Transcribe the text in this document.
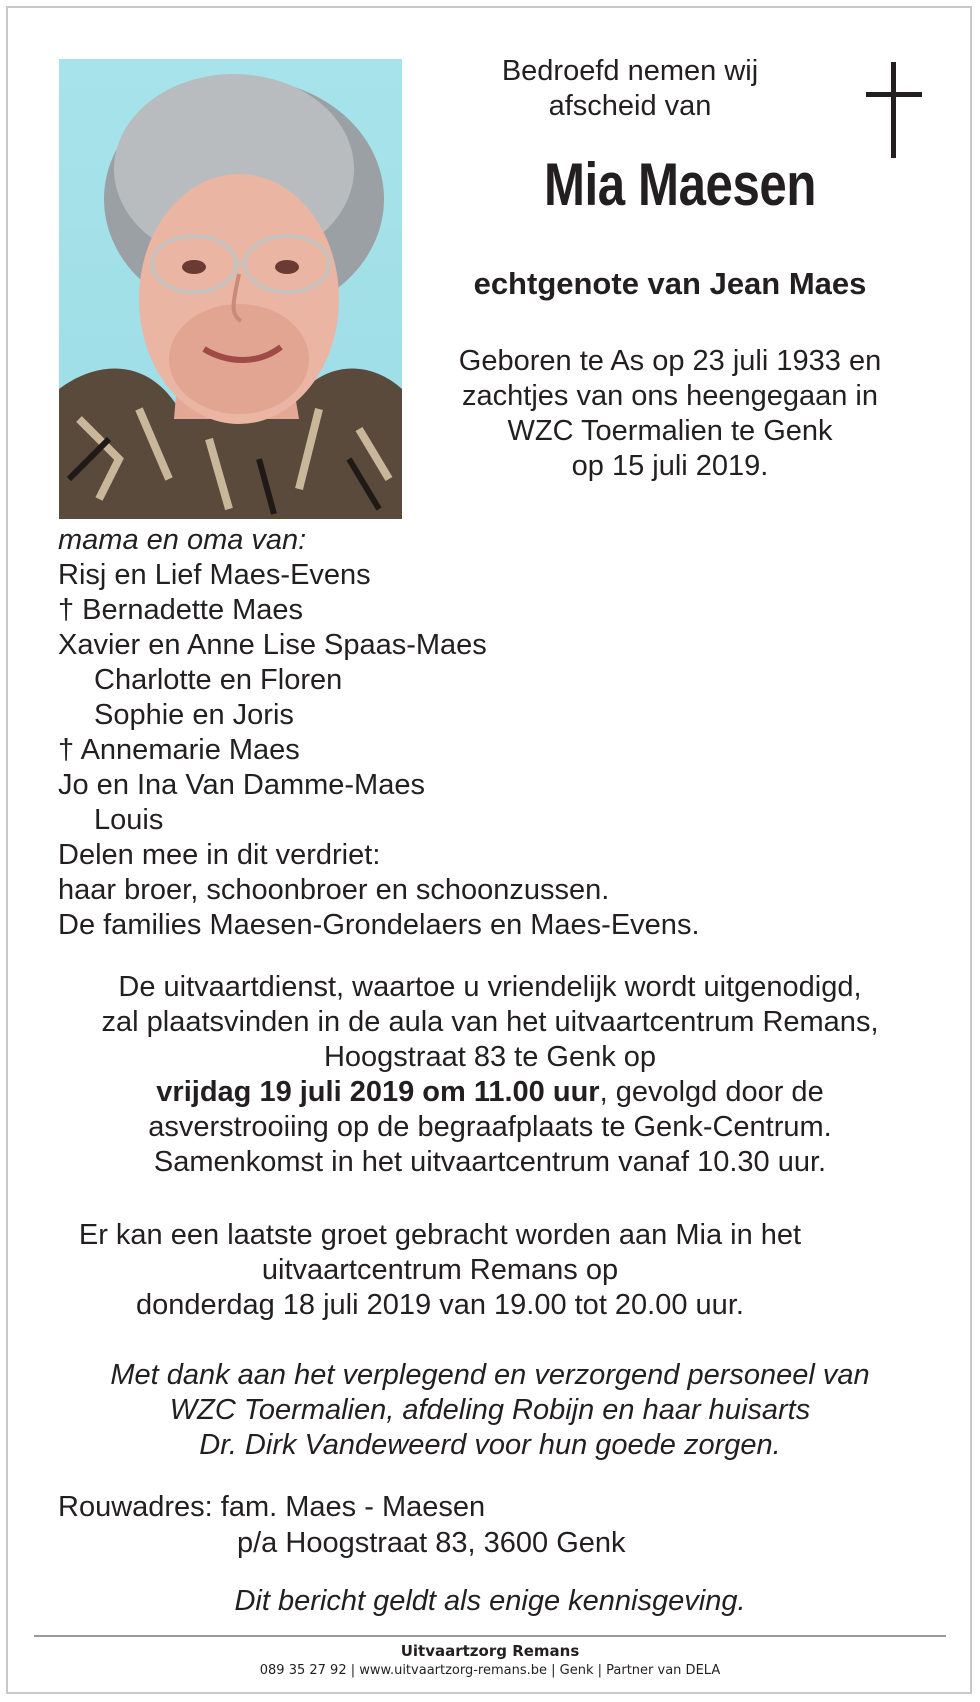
Bedroefd nemen wij
afscheid van
Mia Maesen
echtgenote van Jean Maes
Geboren te As op 23 juli 1933 en
zachtjes van ons heengegaan in
WZC Toermalien te Genk
op 15 juli 2019.
mama en oma van:
Risj en Lief Maes-Evens
† Bernadette Maes
Xavier en Anne Lise Spaas-Maes
Charlotte en Floren
Sophie en Joris
† Annemarie Maes
Jo en Ina Van Damme-Maes
Louis
Delen mee in dit verdriet:
haar broer, schoonbroer en schoonzussen.
De families Maesen-Grondelaers en Maes-Evens.
De uitvaartdienst, waartoe u vriendelijk wordt uitgenodigd,
zal plaatsvinden in de aula van het uitvaartcentrum Remans,
Hoogstraat 83 te Genk op
vrijdag 19 juli 2019 om 11.00 uur, gevolgd door de
asverstrooiing op de begraafplaats te Genk-Centrum.
Samenkomst in het uitvaartcentrum vanaf 10.30 uur.
Er kan een laatste groet gebracht worden aan Mia in het
uitvaartcentrum Remans op
donderdag 18 juli 2019 van 19.00 tot 20.00 uur.
Met dank aan het verplegend en verzorgend personeel van
WZC Toermalien, afdeling Robijn en haar huisarts
Dr. Dirk Vandeweerd voor hun goede zorgen.
Rouwadres: fam. Maes - Maesen
p/a Hoogstraat 83, 3600 Genk
Dit bericht geldt als enige kennisgeving.
Uitvaartzorg Remans
089 35 27 92 | www.uitvaartzorg-remans.be | Genk | Partner van DELA
